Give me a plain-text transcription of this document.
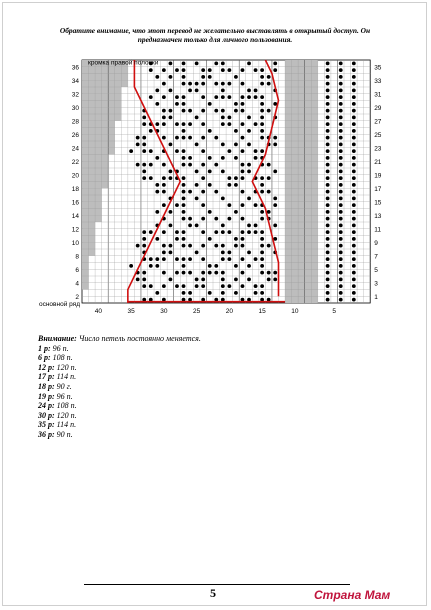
Обратите внимание, что этот перевод не желательно выставлять в открытый доступ. Он предназначен только для личного пользования.
36
34
32
30
28
26
24
22
20
18
16
14
12
10
8
6
4
2
35
33
31
29
27
25
23
21
19
17
15
13
11
9
7
5
3
1
40	35	30	25	20	15	10	5
кромка правой полочки
основной ряд
Внимание: Число петель постоянно меняется.
1 р: 96 п.
6 р: 108 п.
12 р: 120 п.
17 р: 114 п.
18 р: 90 г.
19 р: 96 п.
24 р: 108 п.
30 р: 120 п.
35 р: 114 п.
36 р: 90 п.
5	Страна Мам
